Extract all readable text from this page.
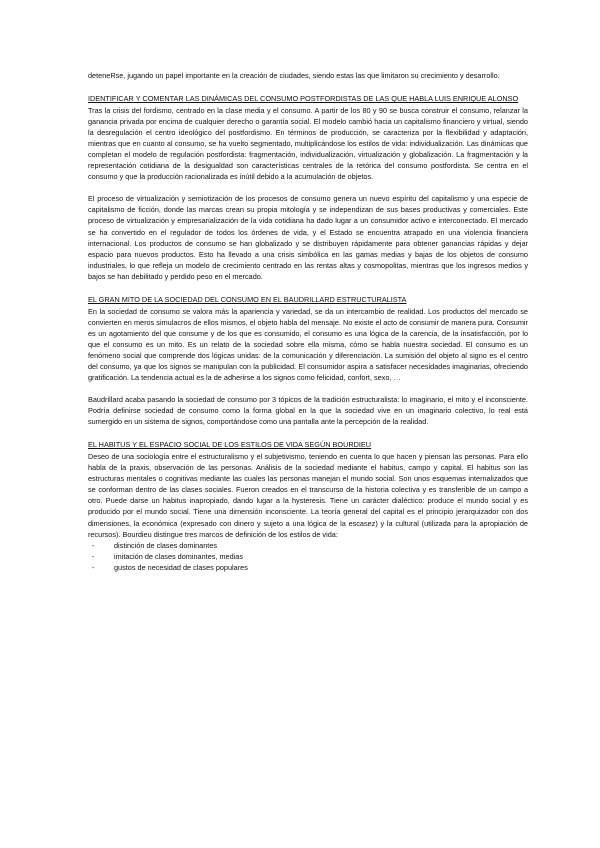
deteneRse, jugando un papel importante en la creación de ciudades, siendo estas las que limitaron su crecimiento y desarrollo.

IDENTIFICAR Y COMENTAR LAS DINÁMICAS DEL CONSUMO POSTFORDISTAS DE LAS QUE HABLA LUIS ENRIQUE ALONSO

Tras la crisis del fordismo, centrado en la clase media y el consumo. A partir de los 80 y 90 se busca construir el consumo, relanzar la ganancia privada por encima de cualquier derecho o garantía social. El modelo cambió hacia un capitalismo financiero y virtual, siendo la desregulación el centro ideológico del postfordismo. En términos de producción, se caracteriza por la flexibilidad y adaptación, mientras que en cuanto al consumo, se ha vuelto segmentado, multiplicándose los estilos de vida: individualización. Las dinámicas que completan el modelo de regulación postfordista: fragmentación, individualización, virtualización y globalización. La fragmentación y la representación cotidiana de la desigualdad son características centrales de la retórica del consumo postfordista. Se centra en el consumo y que la producción racionalizada es inútil debido a la acumulación de objetos.

El proceso de virtualización y semiotización de los procesos de consumo genera un nuevo espíritu del capitalismo y una especie de capitalismo de ficción, donde las marcas crean su propia mitología y se independizan de sus bases productivas y comerciales. Este proceso de virtualización y empresarialización de la vida cotidiana ha dado lugar a un consumidor activo e interconectado. El mercado se ha convertido en el regulador de todos los órdenes de vida, y el Estado se encuentra atrapado en una violencia financiera internacional. Los productos de consumo se han globalizado y se distribuyen rápidamente para obtener ganancias rápidas y dejar espacio para nuevos productos. Esto ha llevado a una crisis simbólica en las gamas medias y bajas de los objetos de consumo industriales, lo que refleja un modelo de crecimiento centrado en las rentas altas y cosmopolitas, mientras que los ingresos medios y bajos se han debilitado y perdido peso en el mercado.

EL GRAN MITO DE LA SOCIEDAD DEL CONSUMO EN EL BAUDRILLARD ESTRUCTURALISTA

En la sociedad de consumo se valora más la apariencia y variedad, se da un intercambio de realidad. Los productos del mercado se convierten en meros simulacros de ellos mismos, el objeto habla del mensaje. No existe el acto de consumir de manera pura. Consumir es un agotamiento del que consume y de los que es consumido, el consumo es una lógica de la carencia, de la insatisfacción, por lo que el consumo es un mito. Es un relato de la sociedad sobre ella misma, cómo se habla nuestra sociedad. El consumo es un fenómeno social que comprende dos lógicas unidas: de la comunicación y diferenciación. La sumisión del objeto al signo es el centro del consumo, ya que los signos se manipulan con la publicidad. El consumidor aspira a satisfacer necesidades imaginarias, ofreciendo gratificación. La tendencia actual es la de adherirse a los signos como felicidad, confort, sexo, …

Baudrillard acaba pasando la sociedad de consumo por 3 tópicos de la tradición estructuralista: lo imaginario, el mito y el inconsciente. Podría definirse sociedad de consumo como la forma global en la que la sociedad vive en un imaginario colectivo, lo real está sumergido en un sistema de signos, comportándose como una pantalla ante la percepción de la realidad.

EL HABITUS Y EL ESPACIO SOCIAL DE LOS ESTILOS DE VIDA SEGÚN BOURDIEU

Deseo de una sociología entre el estructuralismo y el subjetivismo, teniendo en cuenta lo que hacen y piensan las personas. Para ello habla de la praxis, observación de las personas. Análisis de la sociedad mediante el habitus, campo y capital. El habitus son las estructuras mentales o cognitivas mediante las cuales las personas manejan el mundo social. Son unos esquemas internalizados que se conforman dentro de las clases sociales. Fueron creados en el transcurso de la historia colectiva y es transferible de un campo a otro. Puede darse un habitus inapropiado, dando lugar a la hysteresis. Tiene un carácter dialéctico: produce el mundo social y es producido por el mundo social. Tiene una dimensión inconsciente. La teoría general del capital es el principio jerarquizador con dos dimensiones, la económica (expresado con dinero y sujeto a una lógica de la escasez) y la cultural (utilizada para la apropiación de recursos). Bourdieu distingue tres marcos de definición de los estilos de vida:

-	distinción de clases dominantes
-	imitación de clases dominantes, medias
-	gustos de necesidad de clases populares
